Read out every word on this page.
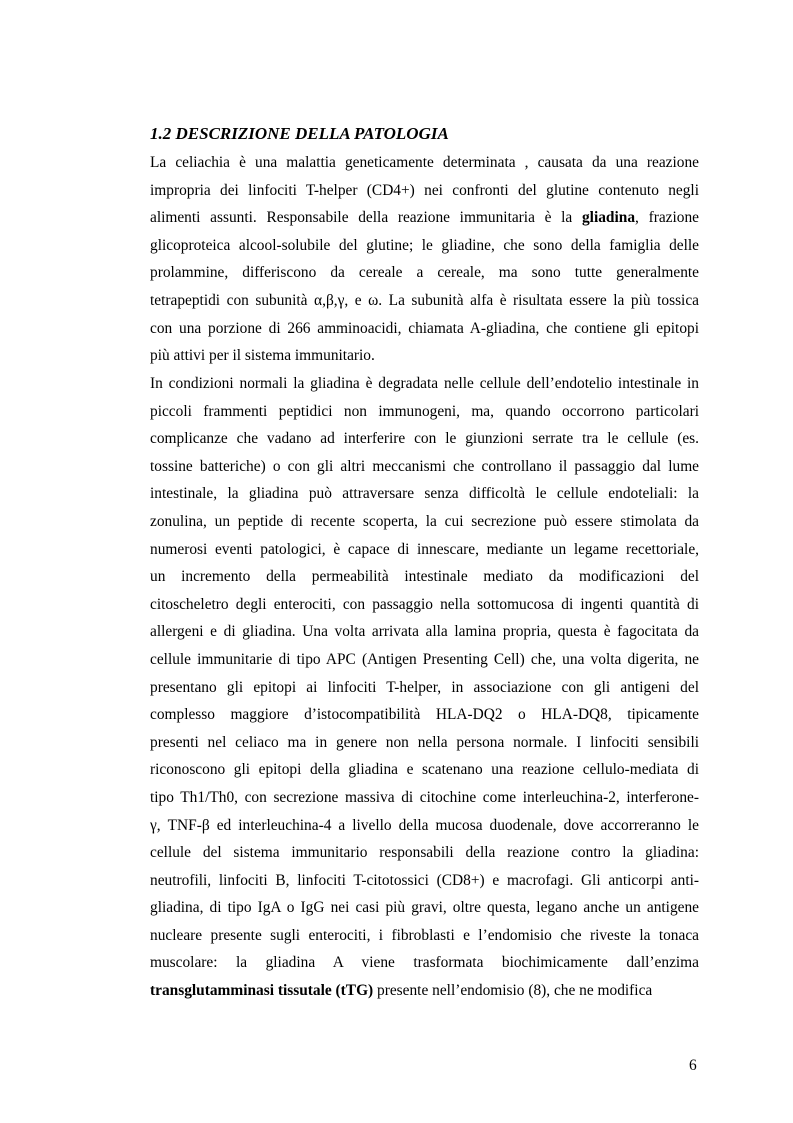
1.2 DESCRIZIONE DELLA PATOLOGIA
La celiachia è una malattia geneticamente determinata , causata da una reazione
impropria dei linfociti T-helper (CD4+) nei confronti del glutine contenuto negli
alimenti assunti. Responsabile della reazione immunitaria è la gliadina, frazione
glicoproteica alcool-solubile del glutine; le gliadine, che sono della famiglia delle
prolammine, differiscono da cereale a cereale, ma sono tutte generalmente
tetrapeptidi con subunità α,β,γ, e ω. La subunità alfa è risultata essere la più tossica
con una porzione di 266 amminoacidi, chiamata A-gliadina, che contiene gli epitopi
più attivi per il sistema immunitario.
In condizioni normali la gliadina è degradata nelle cellule dell’endotelio intestinale in
piccoli frammenti peptidici non immunogeni, ma, quando occorrono particolari
complicanze che vadano ad interferire con le giunzioni serrate tra le cellule (es.
tossine batteriche) o con gli altri meccanismi che controllano il passaggio dal lume
intestinale, la gliadina può attraversare senza difficoltà le cellule endoteliali: la
zonulina, un peptide di recente scoperta, la cui secrezione può essere stimolata da
numerosi eventi patologici, è capace di innescare, mediante un legame recettoriale,
un incremento della permeabilità intestinale mediato da modificazioni del
citoscheletro degli enterociti, con passaggio nella sottomucosa di ingenti quantità di
allergeni e di gliadina. Una volta arrivata alla lamina propria, questa è fagocitata da
cellule immunitarie di tipo APC (Antigen Presenting Cell) che, una volta digerita, ne
presentano gli epitopi ai linfociti T-helper, in associazione con gli antigeni del
complesso maggiore d’istocompatibilità HLA-DQ2 o HLA-DQ8, tipicamente
presenti nel celiaco ma in genere non nella persona normale. I linfociti sensibili
riconoscono gli epitopi della gliadina e scatenano una reazione cellulo-mediata di
tipo Th1/Th0, con secrezione massiva di citochine come interleuchina-2, interferone-
γ, TNF-β ed interleuchina-4 a livello della mucosa duodenale, dove accorreranno le
cellule del sistema immunitario responsabili della reazione contro la gliadina:
neutrofili, linfociti B, linfociti T-citotossici (CD8+) e macrofagi. Gli anticorpi anti-
gliadina, di tipo IgA o IgG nei casi più gravi, oltre questa, legano anche un antigene
nucleare presente sugli enterociti, i fibroblasti e l’endomisio che riveste la tonaca
muscolare: la gliadina A viene trasformata biochimicamente dall’enzima
transglutamminasi tissutale (tTG) presente nell’endomisio (8), che ne modifica
6
